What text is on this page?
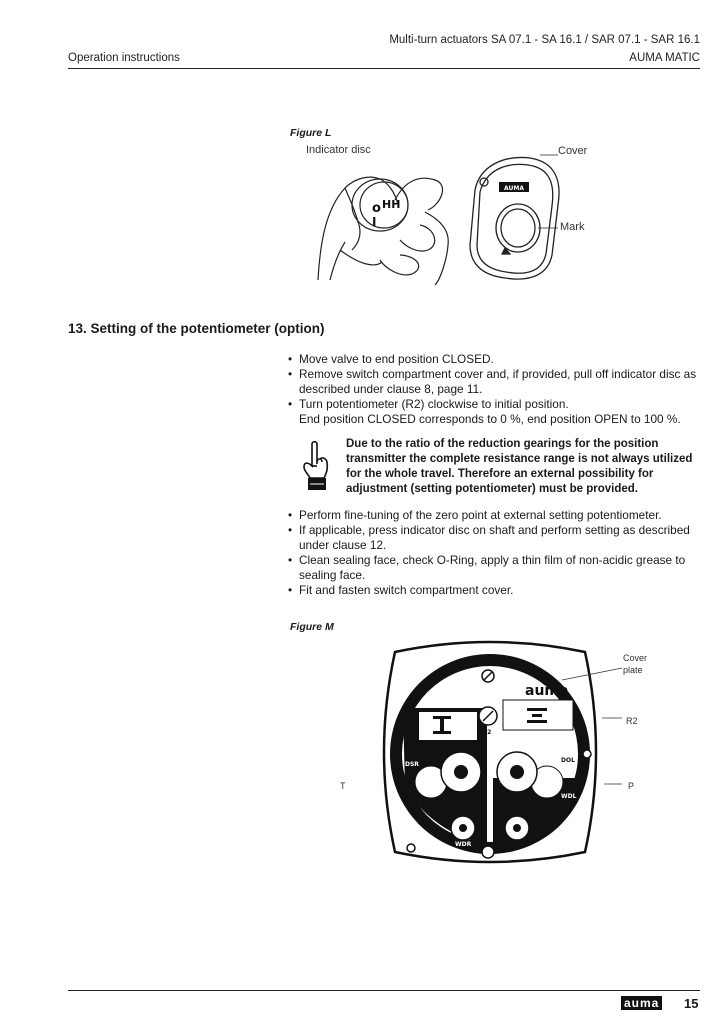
Multi-turn actuators SA 07.1 - SA 16.1 / SAR 07.1 - SAR 16.1
Operation instructions	AUMA MATIC
Figure L
Indicator disc	Cover
Mark
o HH
I
AUMA
13. Setting of the potentiometer (option)
• Move valve to end position CLOSED.
• Remove switch compartment cover and, if provided, pull off indicator disc as described under clause 8, page 11.
• Turn potentiometer (R2) clockwise to initial position.
End position CLOSED corresponds to 0 %, end position OPEN to 100 %.
Due to the ratio of the reduction gearings for the position transmitter the complete resistance range is not always utilized for the whole travel. Therefore an external possibility for adjustment (setting potentiometer) must be provided.
• Perform fine-tuning of the zero point at external setting potentiometer.
• If applicable, press indicator disc on shaft and perform setting as described under clause 12.
• Clean sealing face, check O-Ring, apply a thin film of non-acidic grease to sealing face.
• Fit and fasten switch compartment cover.
Figure M
Cover
plate
R2
T	P
auma
DSR
WSR
DOL
WDL
WDR
E2
auma 15
